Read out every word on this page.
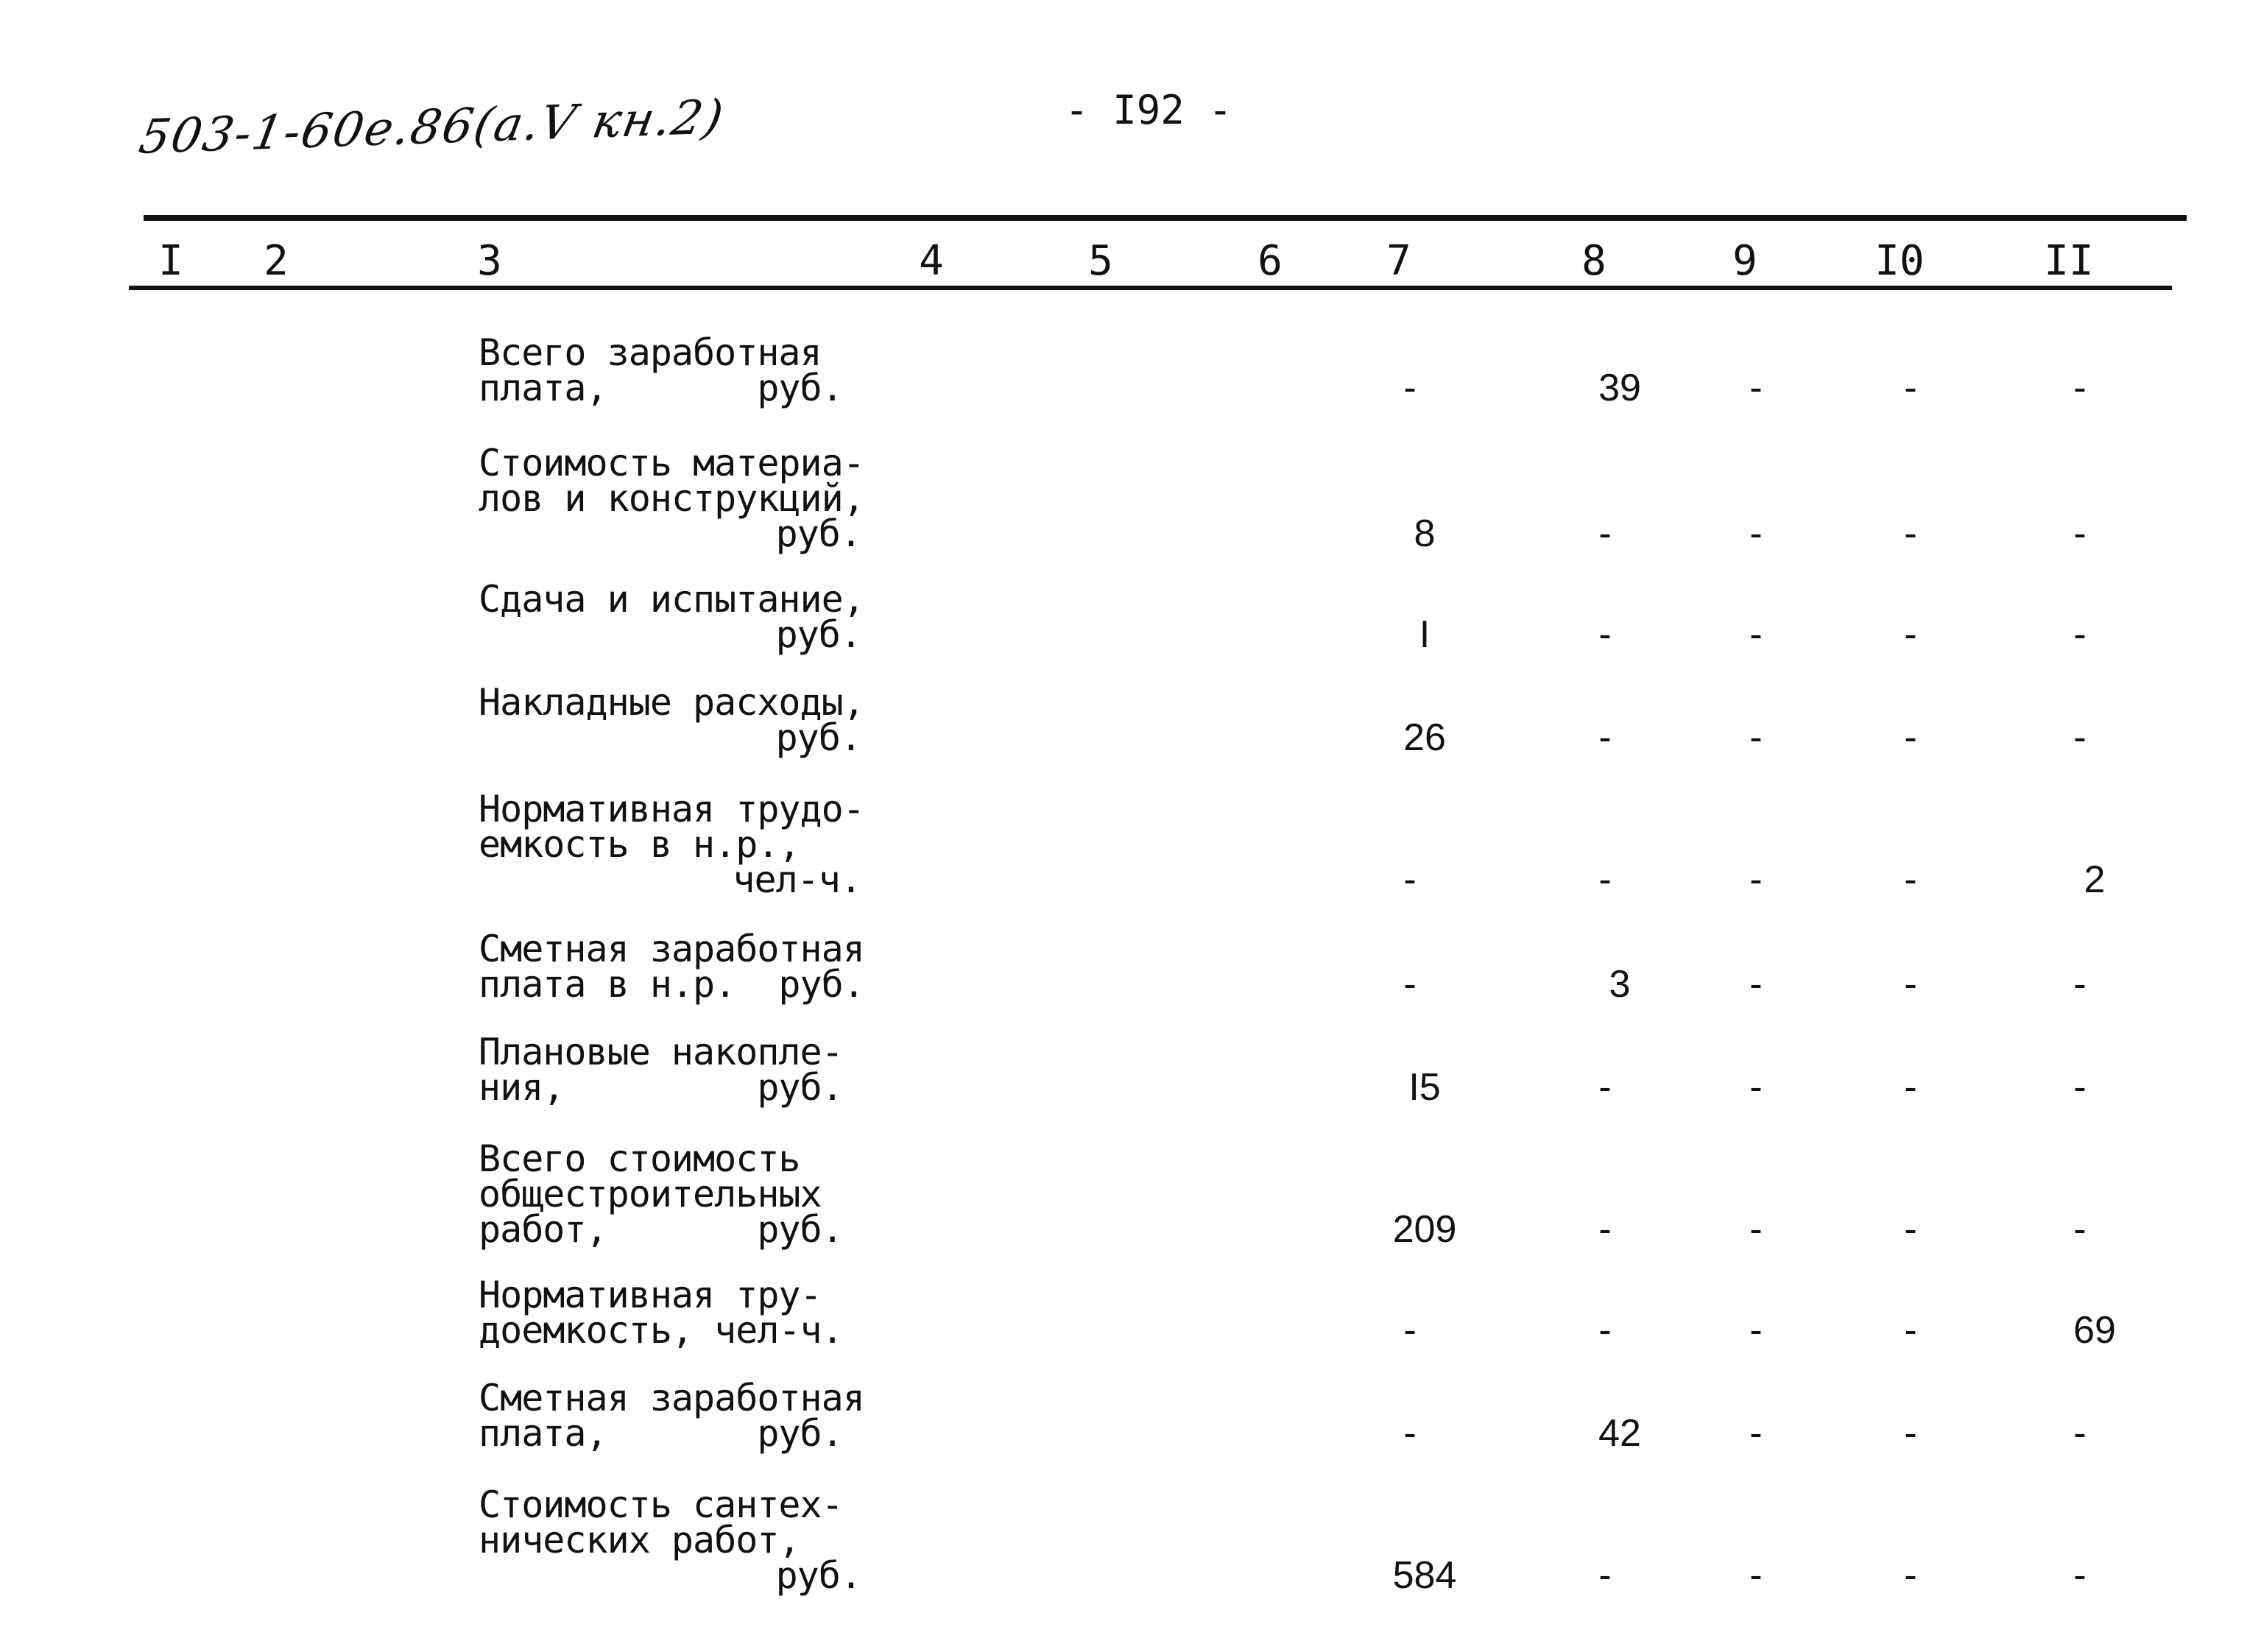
503-1-60e.86(a.V кн.2)	- I92 -
I	2	3	4	5	6	7	8	9	I0	II
Всего заработная
плата,       руб.	-	39	-	-	-
Стоимость материа-
лов и конструкций,
руб.	8	-	-	-	-
Сдача и испытание,
руб.	I	-	-	-	-
Накладные расходы,
руб.	26	-	-	-	-
Нормативная трудо-
емкость в н.р.,
чел-ч.	-	-	-	-	2
Сметная заработная
плата в н.р.  руб.	-	3	-	-	-
Плановые накопле-
ния,         руб.	I5	-	-	-	-
Всего стоимость
общестроительных
работ,       руб.	209	-	-	-	-
Нормативная тру-
доемкость, чел-ч.	-	-	-	-	69
Сметная заработная
плата,       руб.	-	42	-	-	-
Стоимость сантех-
нических работ,
руб.	584	-	-	-	-
